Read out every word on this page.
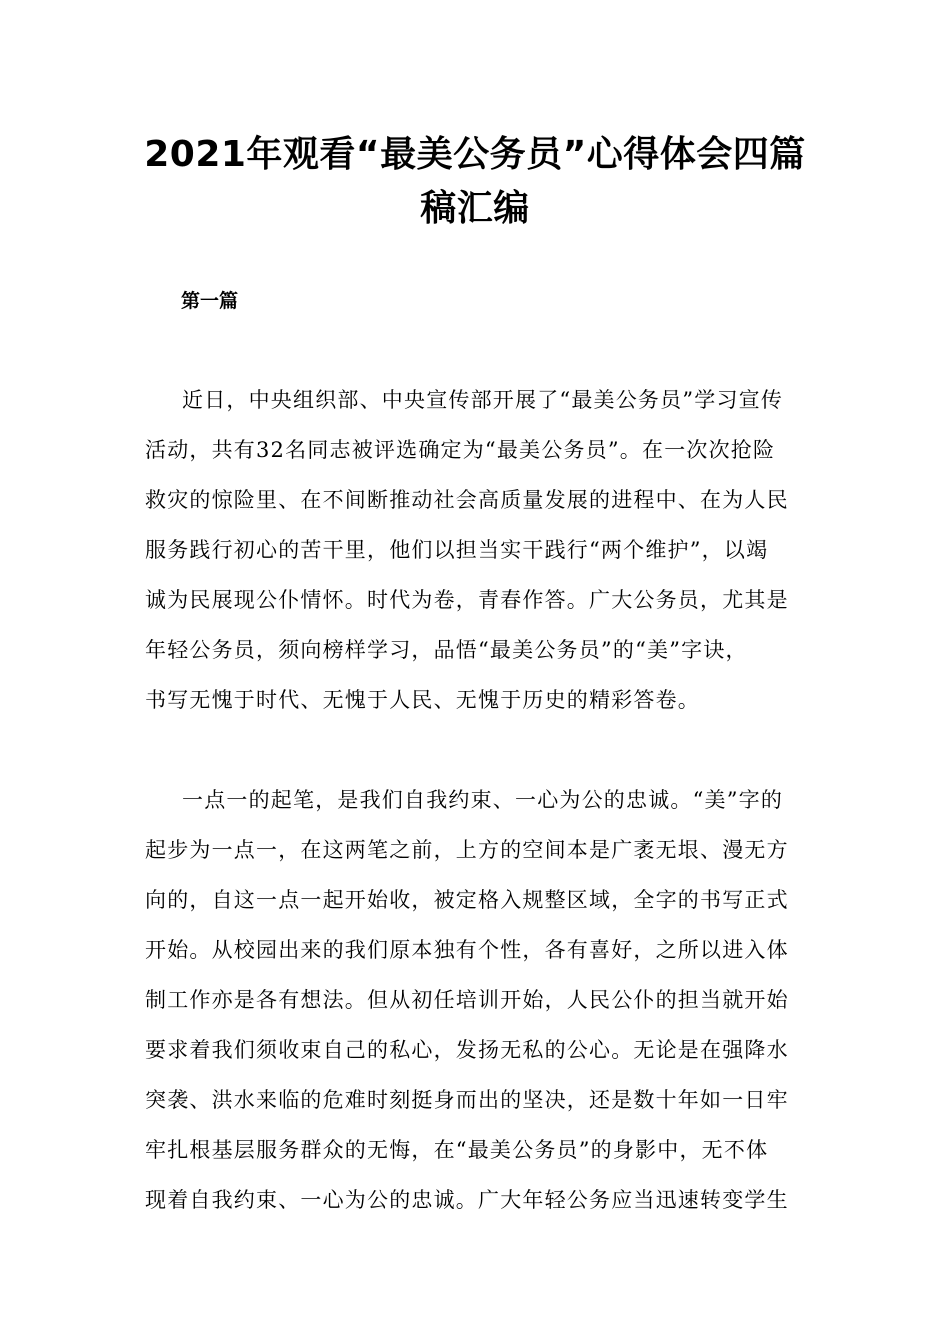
2021年观看“最美公务员”心得体会四篇
稿汇编
第一篇
近日，中央组织部、中央宣传部开展了“最美公务员”学习宣传
活动，共有32名同志被评选确定为“最美公务员”。在一次次抢险
救灾的惊险里、在不间断推动社会高质量发展的进程中、在为人民
服务践行初心的苦干里，他们以担当实干践行“两个维护”，以竭
诚为民展现公仆情怀。时代为卷，青春作答。广大公务员，尤其是
年轻公务员，须向榜样学习，品悟“最美公务员”的“美”字诀，
书写无愧于时代、无愧于人民、无愧于历史的精彩答卷。
一点一的起笔，是我们自我约束、一心为公的忠诚。“美”字的
起步为一点一，在这两笔之前，上方的空间本是广袤无垠、漫无方
向的，自这一点一起开始收，被定格入规整区域，全字的书写正式
开始。从校园出来的我们原本独有个性，各有喜好，之所以进入体
制工作亦是各有想法。但从初任培训开始，人民公仆的担当就开始
要求着我们须收束自己的私心，发扬无私的公心。无论是在强降水
突袭、洪水来临的危难时刻挺身而出的坚决，还是数十年如一日牢
牢扎根基层服务群众的无悔，在“最美公务员”的身影中，无不体
现着自我约束、一心为公的忠诚。广大年轻公务应当迅速转变学生
